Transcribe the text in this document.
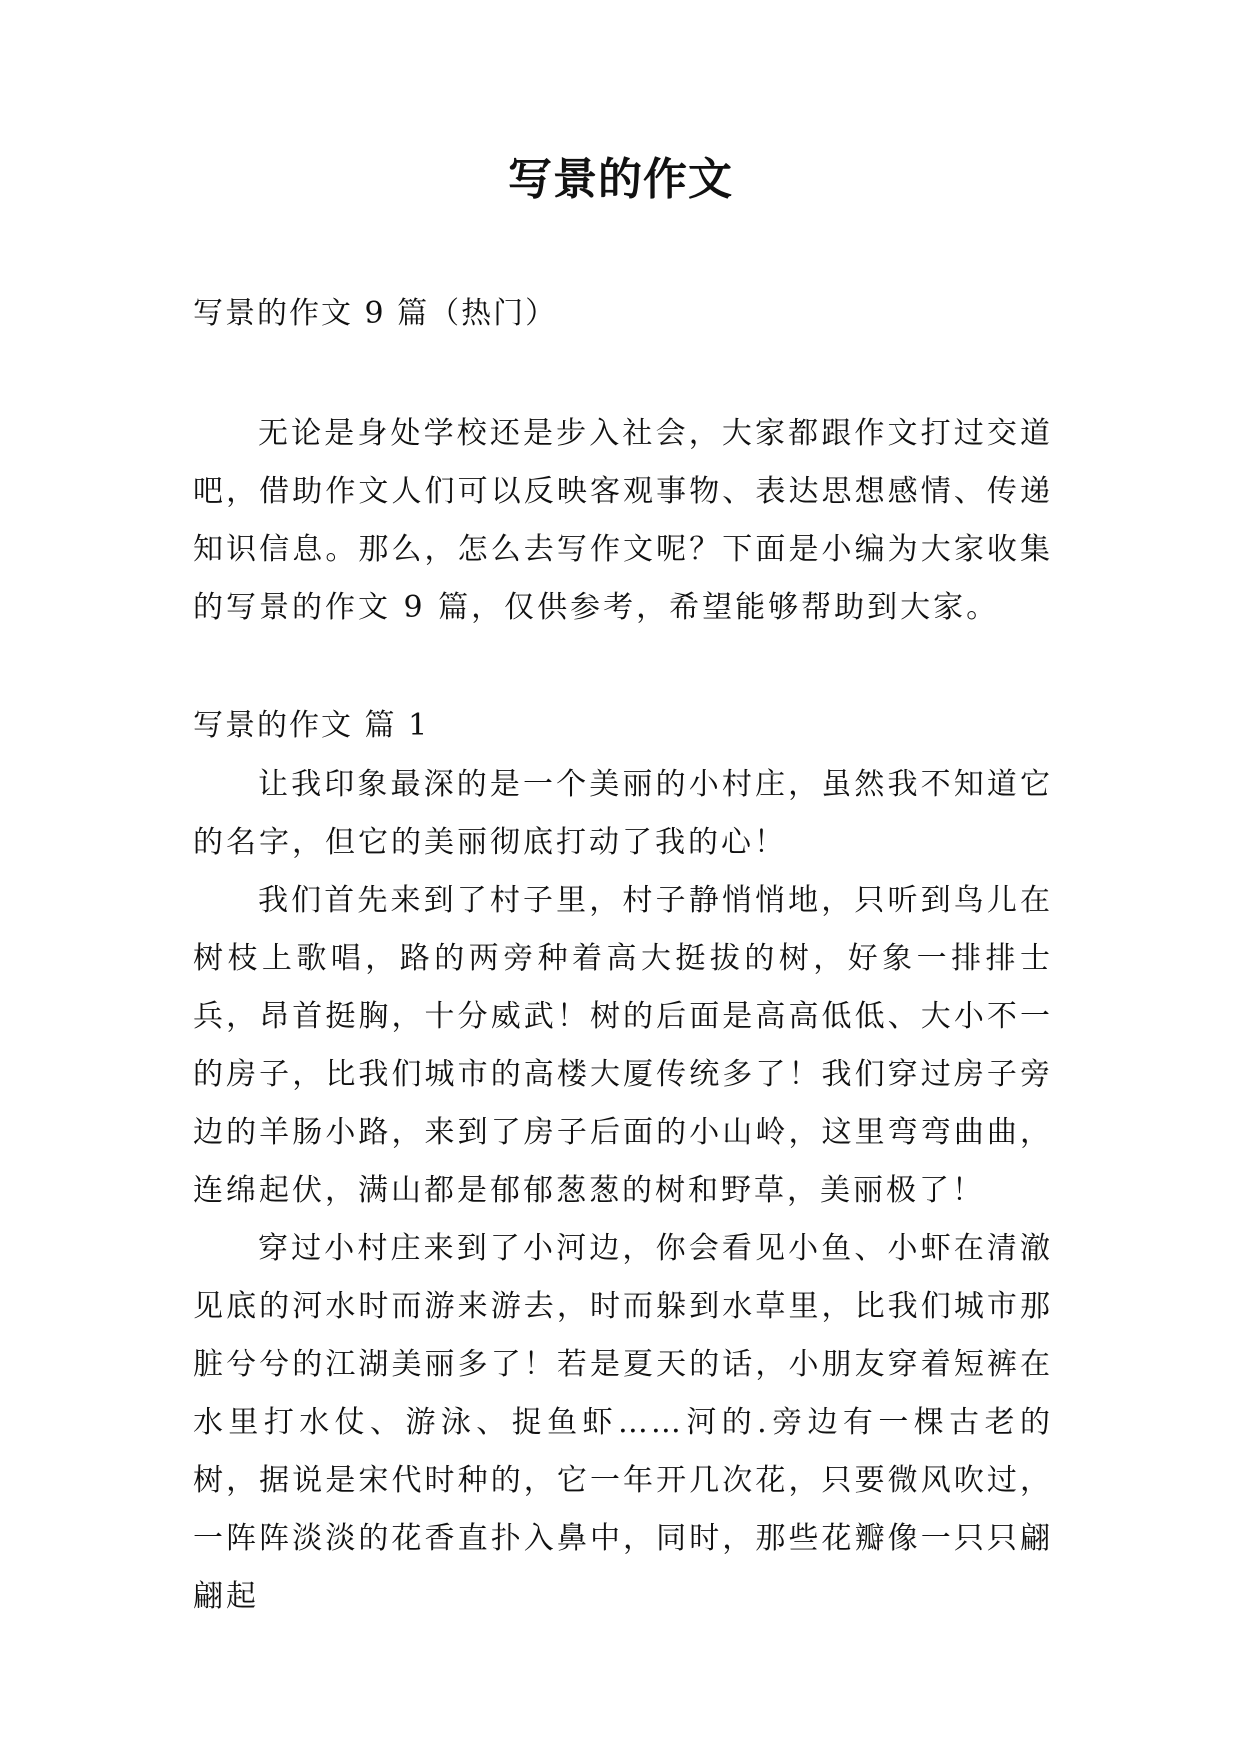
写景的作文

写景的作文 9 篇（热门）

无论是身处学校还是步入社会，大家都跟作文打过交道吧，借助作文人们可以反映客观事物、表达思想感情、传递知识信息。那么，怎么去写作文呢？下面是小编为大家收集的写景的作文 9 篇，仅供参考，希望能够帮助到大家。

写景的作文 篇 1

让我印象最深的是一个美丽的小村庄，虽然我不知道它的名字，但它的美丽彻底打动了我的心！

我们首先来到了村子里，村子静悄悄地，只听到鸟儿在树枝上歌唱，路的两旁种着高大挺拔的树，好象一排排士兵，昂首挺胸，十分威武！树的后面是高高低低、大小不一的房子，比我们城市的高楼大厦传统多了！我们穿过房子旁边的羊肠小路，来到了房子后面的小山岭，这里弯弯曲曲，连绵起伏，满山都是郁郁葱葱的树和野草，美丽极了！

穿过小村庄来到了小河边，你会看见小鱼、小虾在清澈见底的河水时而游来游去，时而躲到水草里，比我们城市那脏兮兮的江湖美丽多了！若是夏天的话，小朋友穿着短裤在水里打水仗、游泳、捉鱼虾……河的.旁边有一棵古老的树，据说是宋代时种的，它一年开几次花，只要微风吹过，一阵阵淡淡的花香直扑入鼻中，同时，那些花瓣像一只只翩翩起
